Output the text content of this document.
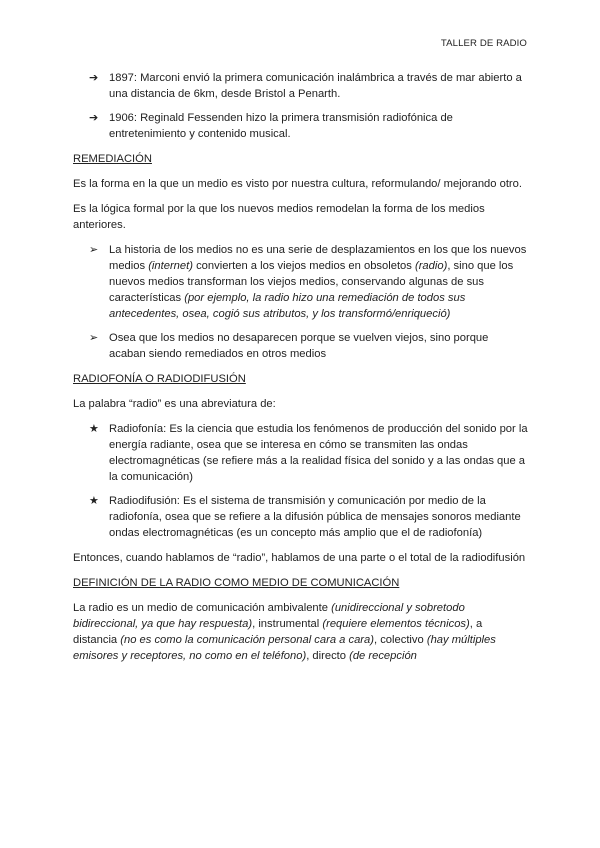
TALLER DE RADIO
➔ 1897: Marconi envió la primera comunicación inalámbrica a través de mar abierto a una distancia de 6km, desde Bristol a Penarth.
➔ 1906: Reginald Fessenden hizo la primera transmisión radiofónica de entretenimiento y contenido musical.
REMEDIACIÓN

Es la forma en la que un medio es visto por nuestra cultura, reformulando/ mejorando otro.

Es la lógica formal por la que los nuevos medios remodelan la forma de los medios anteriores.

➢ La historia de los medios no es una serie de desplazamientos en los que los nuevos medios (internet) convierten a los viejos medios en obsoletos (radio), sino que los nuevos medios transforman los viejos medios, conservando algunas de sus características (por ejemplo, la radio hizo una remediación de todos sus antecedentes, osea, cogió sus atributos, y los transformó/enriqueció)
➢ Osea que los medios no desaparecen porque se vuelven viejos, sino porque acaban siendo remediados en otros medios
RADIOFONÍA O RADIODIFUSIÓN

La palabra “radio” es una abreviatura de:

★ Radiofonía: Es la ciencia que estudia los fenómenos de producción del sonido por la energía radiante, osea que se interesa en cómo se transmiten las ondas electromagnéticas (se refiere más a la realidad física del sonido y a las ondas que a la comunicación)
★ Radiodifusión: Es el sistema de transmisión y comunicación por medio de la radiofonía, osea que se refiere a la difusión pública de mensajes sonoros mediante ondas electromagnéticas (es un concepto más amplio que el de radiofonía)

Entonces, cuando hablamos de “radio”, hablamos de una parte o el total de la radiodifusión

DEFINICIÓN DE LA RADIO COMO MEDIO DE COMUNICACIÓN

La radio es un medio de comunicación ambivalente (unidireccional y sobretodo bidireccional, ya que hay respuesta), instrumental (requiere elementos técnicos), a distancia (no es como la comunicación personal cara a cara), colectivo (hay múltiples emisores y receptores, no como en el teléfono), directo (de recepción
